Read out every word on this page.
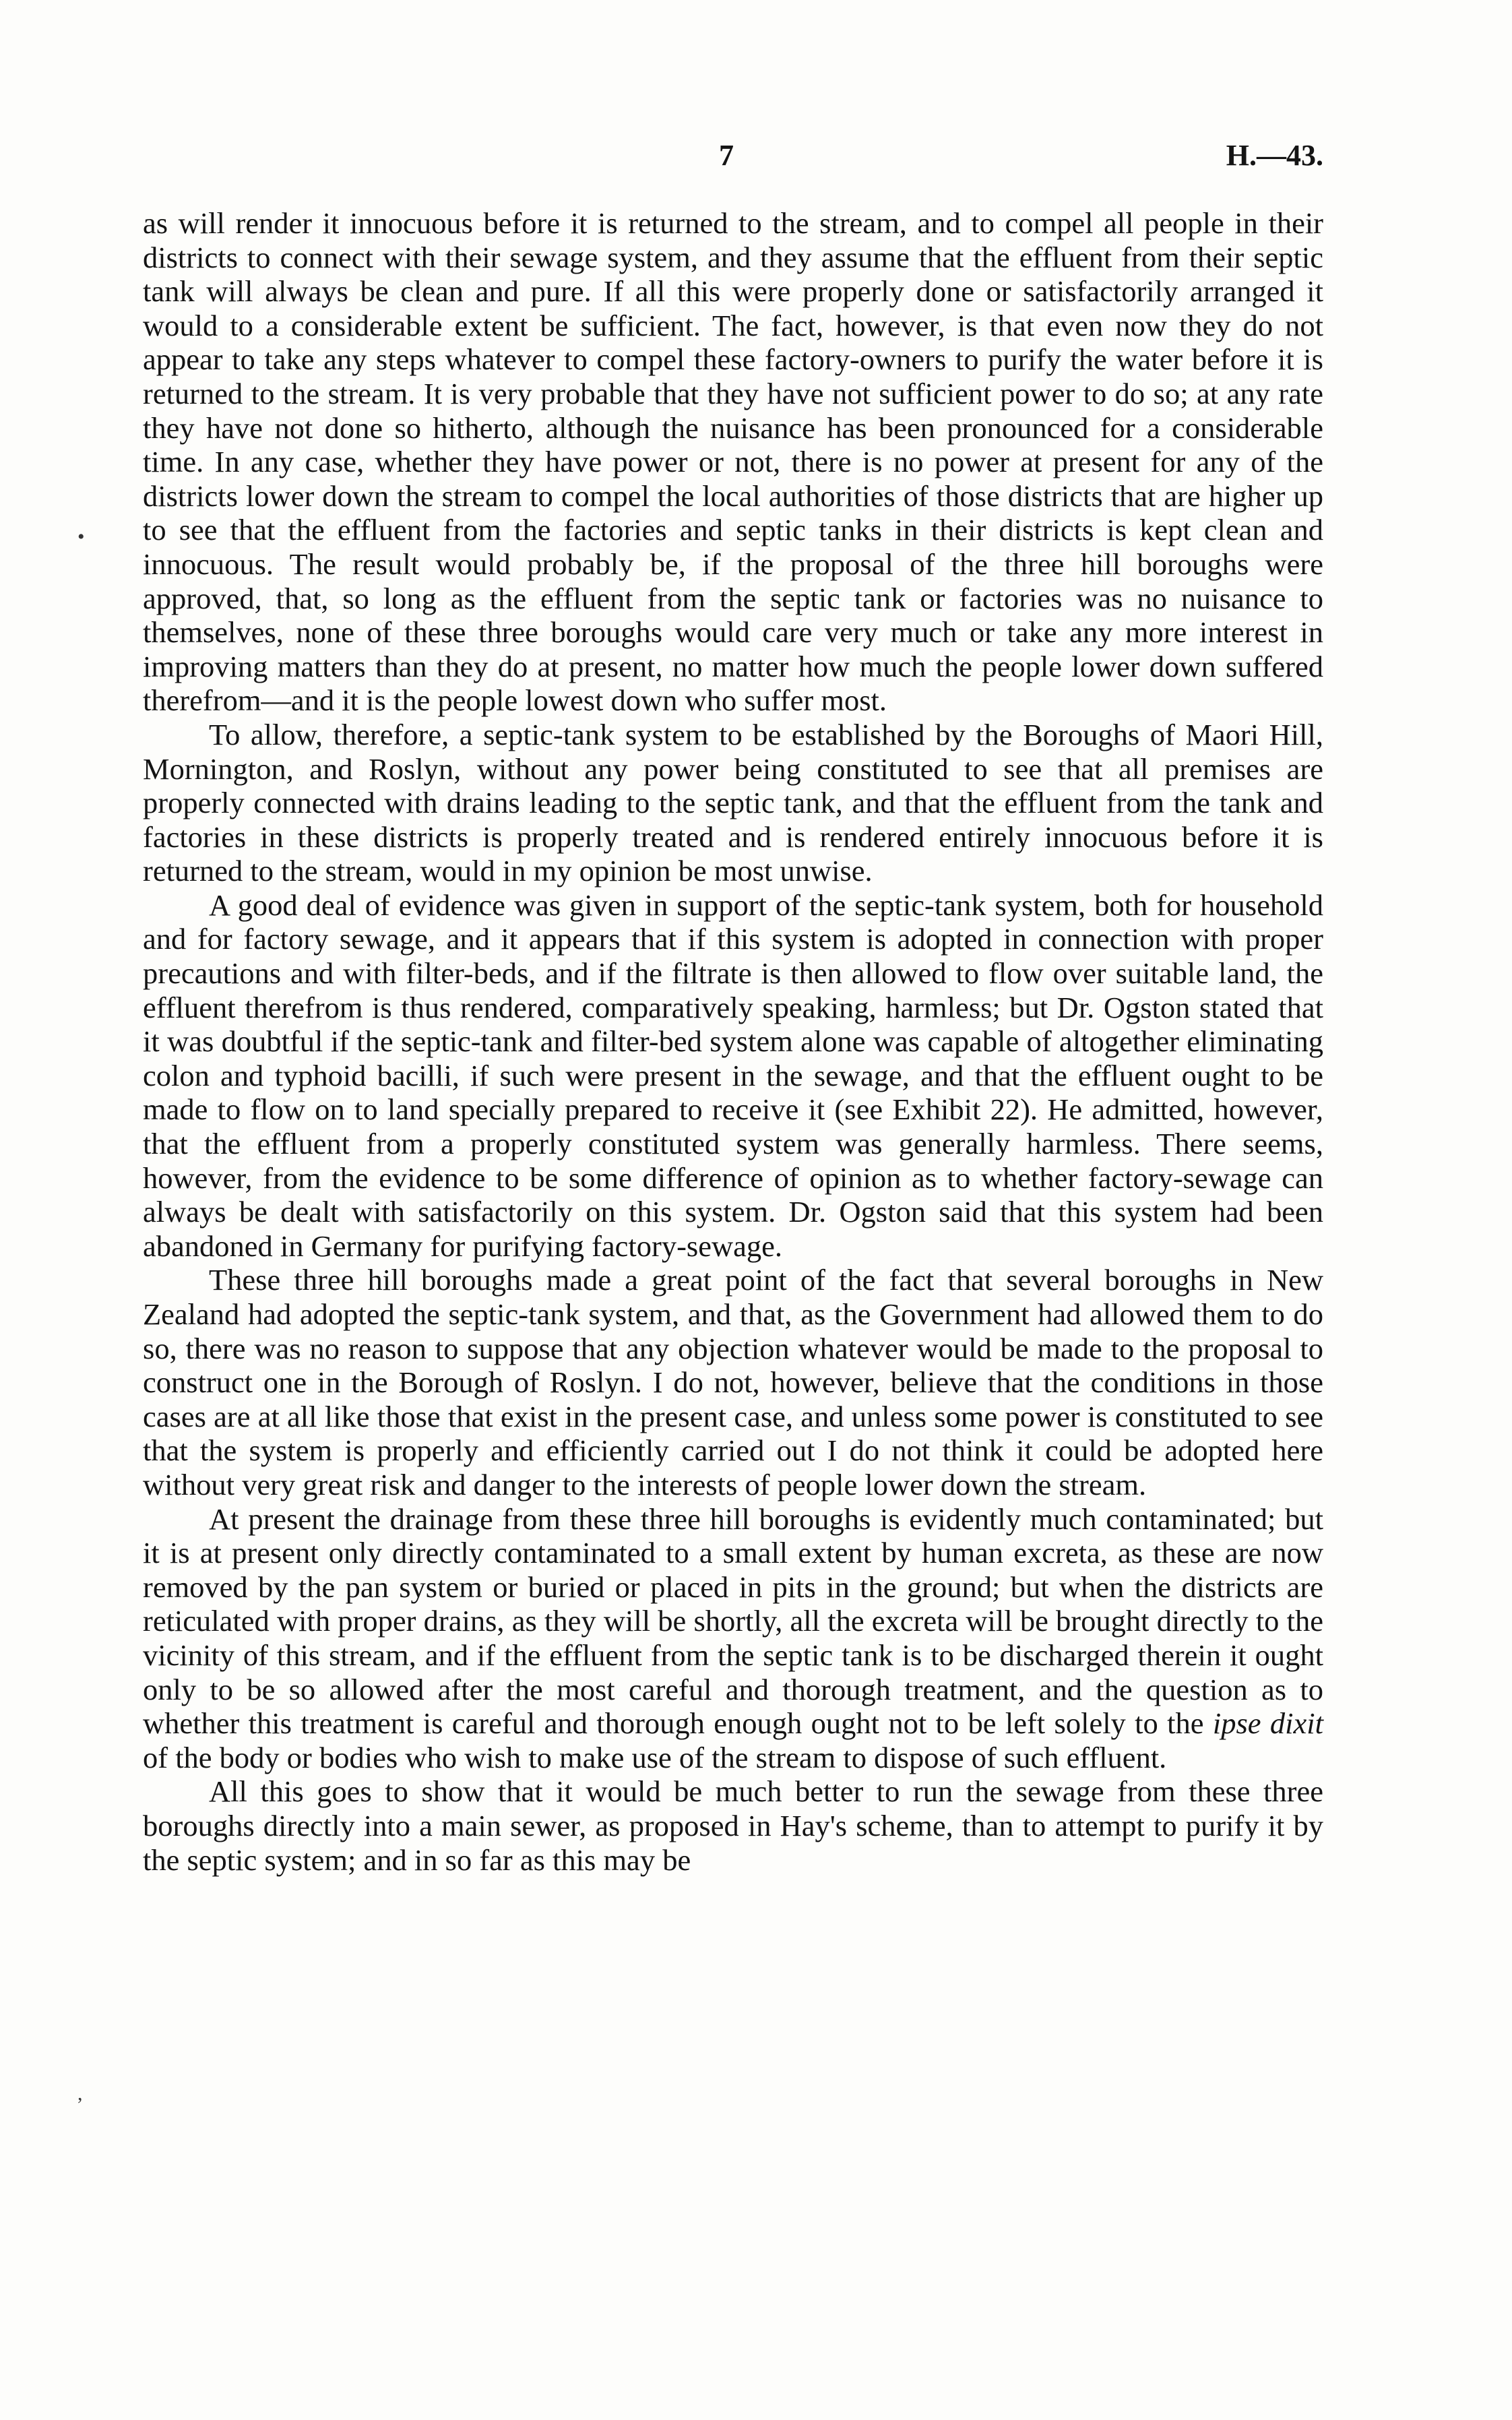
7	H.—43.
•
,

as will render it innocuous before it is returned to the stream, and to compel all people in their districts to connect with their sewage system, and they assume that the effluent from their septic tank will always be clean and pure. If all this were properly done or satisfactorily arranged it would to a considerable extent be sufficient. The fact, however, is that even now they do not appear to take any steps whatever to compel these factory-owners to purify the water before it is returned to the stream. It is very probable that they have not sufficient power to do so; at any rate they have not done so hitherto, although the nuisance has been pronounced for a considerable time. In any case, whether they have power or not, there is no power at present for any of the districts lower down the stream to compel the local authorities of those districts that are higher up to see that the effluent from the factories and septic tanks in their districts is kept clean and innocuous. The result would probably be, if the proposal of the three hill boroughs were approved, that, so long as the effluent from the septic tank or factories was no nuisance to themselves, none of these three boroughs would care very much or take any more interest in improving matters than they do at present, no matter how much the people lower down suffered therefrom—and it is the people lowest down who suffer most.

To allow, therefore, a septic-tank system to be established by the Boroughs of Maori Hill, Mornington, and Roslyn, without any power being constituted to see that all premises are properly connected with drains leading to the septic tank, and that the effluent from the tank and factories in these districts is properly treated and is rendered entirely innocuous before it is returned to the stream, would in my opinion be most unwise.

A good deal of evidence was given in support of the septic-tank system, both for household and for factory sewage, and it appears that if this system is adopted in connection with proper precautions and with filter-beds, and if the filtrate is then allowed to flow over suitable land, the effluent therefrom is thus rendered, comparatively speaking, harmless; but Dr. Ogston stated that it was doubtful if the septic-tank and filter-bed system alone was capable of altogether eliminating colon and typhoid bacilli, if such were present in the sewage, and that the effluent ought to be made to flow on to land specially prepared to receive it (see Exhibit 22). He admitted, however, that the effluent from a properly constituted system was generally harmless. There seems, however, from the evidence to be some difference of opinion as to whether factory-sewage can always be dealt with satisfactorily on this system. Dr. Ogston said that this system had been abandoned in Germany for purifying factory-sewage.

These three hill boroughs made a great point of the fact that several boroughs in New Zealand had adopted the septic-tank system, and that, as the Government had allowed them to do so, there was no reason to suppose that any objection whatever would be made to the proposal to construct one in the Borough of Roslyn. I do not, however, believe that the conditions in those cases are at all like those that exist in the present case, and unless some power is constituted to see that the system is properly and efficiently carried out I do not think it could be adopted here without very great risk and danger to the interests of people lower down the stream.

At present the drainage from these three hill boroughs is evidently much contaminated; but it is at present only directly contaminated to a small extent by human excreta, as these are now removed by the pan system or buried or placed in pits in the ground; but when the districts are reticulated with proper drains, as they will be shortly, all the excreta will be brought directly to the vicinity of this stream, and if the effluent from the septic tank is to be discharged therein it ought only to be so allowed after the most careful and thorough treatment, and the question as to whether this treatment is careful and thorough enough ought not to be left solely to the ipse dixit of the body or bodies who wish to make use of the stream to dispose of such effluent.

All this goes to show that it would be much better to run the sewage from these three boroughs directly into a main sewer, as proposed in Hay's scheme, than to attempt to purify it by the septic system; and in so far as this may be
